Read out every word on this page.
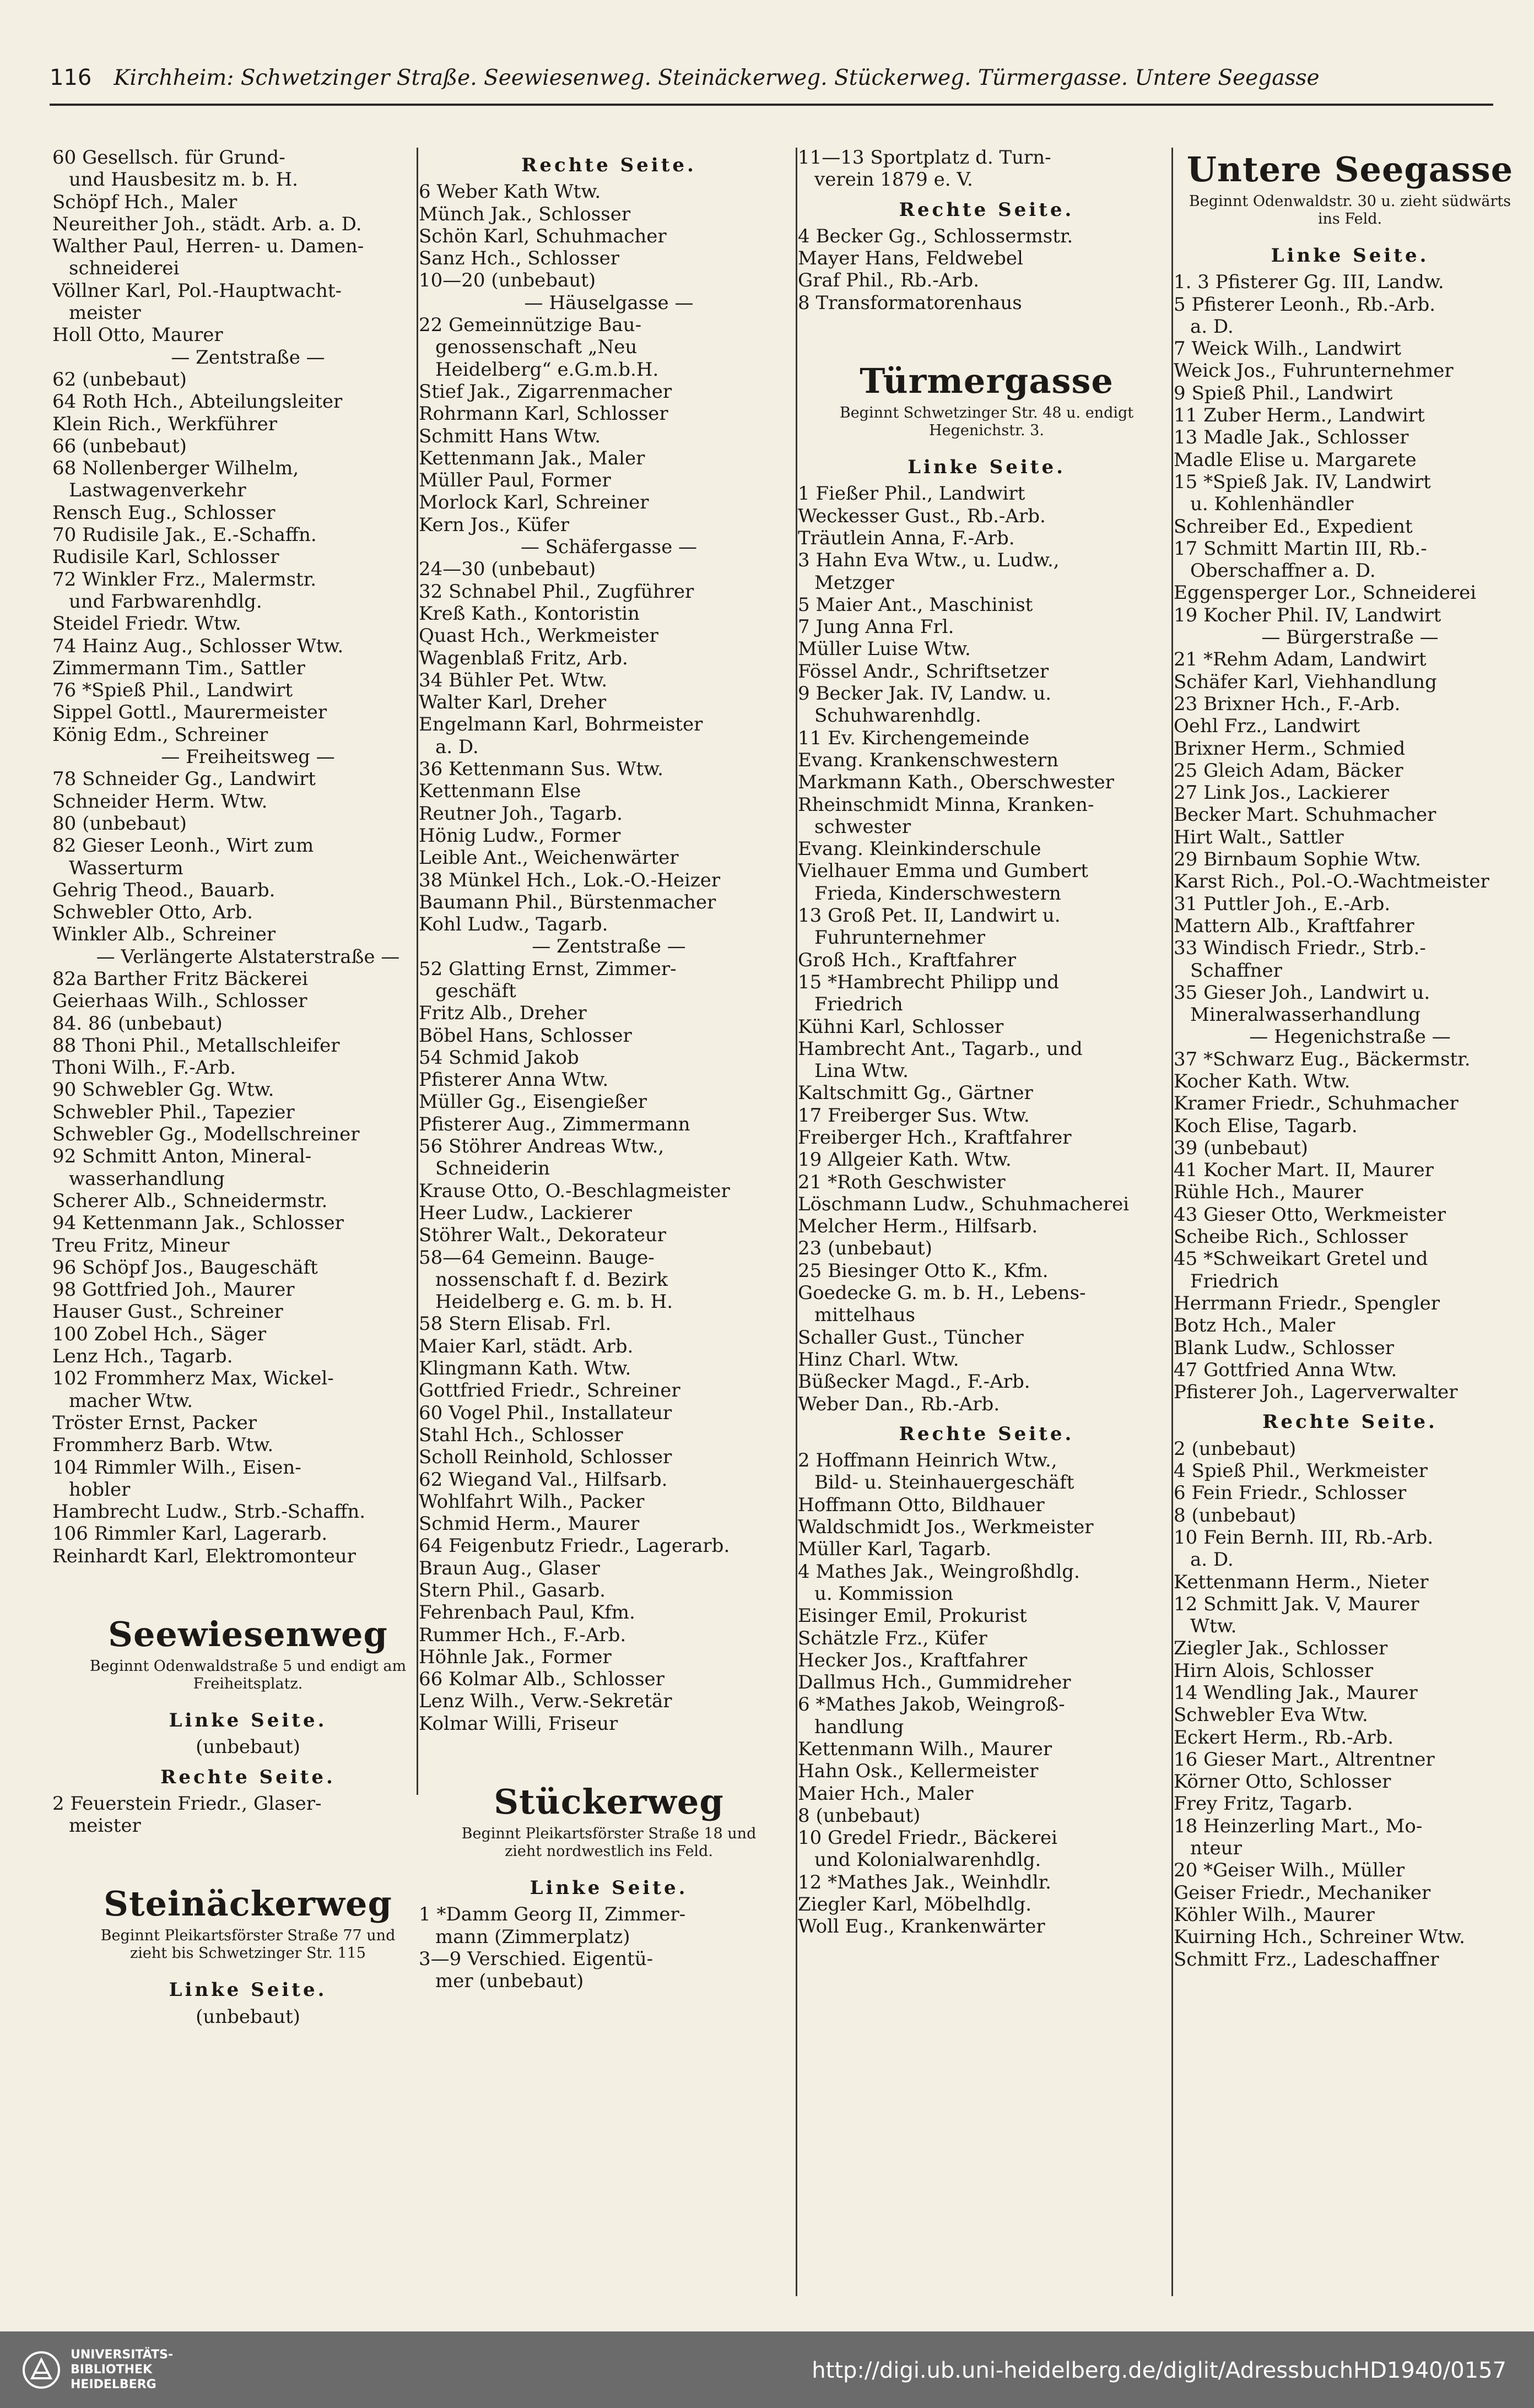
116 Kirchheim: Schwetzinger Straße. Seewiesenweg. Steinäckerweg. Stückerweg. Türmergasse. Untere Seegasse
60 Gesellsch. für Grund-
und Hausbesitz m. b. H.
Schöpf Hch., Maler
Neureither Joh., städt. Arb. a. D.
Walther Paul, Herren- u. Damen-
schneiderei
Völlner Karl, Pol.-Hauptwacht-
meister
Holl Otto, Maurer
— Zentstraße —
62 (unbebaut)
64 Roth Hch., Abteilungsleiter
Klein Rich., Werkführer
66 (unbebaut)
68 Nollenberger Wilhelm,
Lastwagenverkehr
Rensch Eug., Schlosser
70 Rudisile Jak., E.-Schaffn.
Rudisile Karl, Schlosser
72 Winkler Frz., Malermstr.
und Farbwarenhdlg.
Steidel Friedr. Wtw.
74 Hainz Aug., Schlosser Wtw.
Zimmermann Tim., Sattler
76 *Spieß Phil., Landwirt
Sippel Gottl., Maurermeister
König Edm., Schreiner
— Freiheitsweg —
78 Schneider Gg., Landwirt
Schneider Herm. Wtw.
80 (unbebaut)
82 Gieser Leonh., Wirt zum
Wasserturm
Gehrig Theod., Bauarb.
Schwebler Otto, Arb.
Winkler Alb., Schreiner
— Verlängerte Alstaterstraße —
82a Barther Fritz Bäckerei
Geierhaas Wilh., Schlosser
84. 86 (unbebaut)
88 Thoni Phil., Metallschleifer
Thoni Wilh., F.-Arb.
90 Schwebler Gg. Wtw.
Schwebler Phil., Tapezier
Schwebler Gg., Modellschreiner
92 Schmitt Anton, Mineral-
wasserhandlung
Scherer Alb., Schneidermstr.
94 Kettenmann Jak., Schlosser
Treu Fritz, Mineur
96 Schöpf Jos., Baugeschäft
98 Gottfried Joh., Maurer
Hauser Gust., Schreiner
100 Zobel Hch., Säger
Lenz Hch., Tagarb.
102 Frommherz Max, Wickel-
macher Wtw.
Tröster Ernst, Packer
Frommherz Barb. Wtw.
104 Rimmler Wilh., Eisen-
hobler
Hambrecht Ludw., Strb.-Schaffn.
106 Rimmler Karl, Lagerarb.
Reinhardt Karl, Elektromonteur
Seewiesenweg
Beginnt Odenwaldstraße 5 und endigt am
Freiheitsplatz.
Linke Seite.
(unbebaut)
Rechte Seite.
2 Feuerstein Friedr., Glaser-
meister
Steinäckerweg
Beginnt Pleikartsförster Straße 77 und
zieht bis Schwetzinger Str. 115
Linke Seite.
(unbebaut)
Rechte Seite.
6 Weber Kath Wtw.
Münch Jak., Schlosser
Schön Karl, Schuhmacher
Sanz Hch., Schlosser
10—20 (unbebaut)
— Häuselgasse —
22 Gemeinnützige Bau-
genossenschaft „Neu
Heidelberg“ e.G.m.b.H.
Stief Jak., Zigarrenmacher
Rohrmann Karl, Schlosser
Schmitt Hans Wtw.
Kettenmann Jak., Maler
Müller Paul, Former
Morlock Karl, Schreiner
Kern Jos., Küfer
— Schäfergasse —
24—30 (unbebaut)
32 Schnabel Phil., Zugführer
Kreß Kath., Kontoristin
Quast Hch., Werkmeister
Wagenblaß Fritz, Arb.
34 Bühler Pet. Wtw.
Walter Karl, Dreher
Engelmann Karl, Bohrmeister
a. D.
36 Kettenmann Sus. Wtw.
Kettenmann Else
Reutner Joh., Tagarb.
Hönig Ludw., Former
Leible Ant., Weichenwärter
38 Münkel Hch., Lok.-O.-Heizer
Baumann Phil., Bürstenmacher
Kohl Ludw., Tagarb.
— Zentstraße —
52 Glatting Ernst, Zimmer-
geschäft
Fritz Alb., Dreher
Böbel Hans, Schlosser
54 Schmid Jakob
Pfisterer Anna Wtw.
Müller Gg., Eisengießer
Pfisterer Aug., Zimmermann
56 Stöhrer Andreas Wtw.,
Schneiderin
Krause Otto, O.-Beschlagmeister
Heer Ludw., Lackierer
Stöhrer Walt., Dekorateur
58—64 Gemeinn. Bauge-
nossenschaft f. d. Bezirk
Heidelberg e. G. m. b. H.
58 Stern Elisab. Frl.
Maier Karl, städt. Arb.
Klingmann Kath. Wtw.
Gottfried Friedr., Schreiner
60 Vogel Phil., Installateur
Stahl Hch., Schlosser
Scholl Reinhold, Schlosser
62 Wiegand Val., Hilfsarb.
Wohlfahrt Wilh., Packer
Schmid Herm., Maurer
64 Feigenbutz Friedr., Lagerarb.
Braun Aug., Glaser
Stern Phil., Gasarb.
Fehrenbach Paul, Kfm.
Rummer Hch., F.-Arb.
Höhnle Jak., Former
66 Kolmar Alb., Schlosser
Lenz Wilh., Verw.-Sekretär
Kolmar Willi, Friseur
Stückerweg
Beginnt Pleikartsförster Straße 18 und
zieht nordwestlich ins Feld.
Linke Seite.
1 *Damm Georg II, Zimmer-
mann (Zimmerplatz)
3—9 Verschied. Eigentü-
mer (unbebaut)
11—13 Sportplatz d. Turn-
verein 1879 e. V.
Rechte Seite.
4 Becker Gg., Schlossermstr.
Mayer Hans, Feldwebel
Graf Phil., Rb.-Arb.
8 Transformatorenhaus
Türmergasse
Beginnt Schwetzinger Str. 48 u. endigt
Hegenichstr. 3.
Linke Seite.
1 Fießer Phil., Landwirt
Weckesser Gust., Rb.-Arb.
Träutlein Anna, F.-Arb.
3 Hahn Eva Wtw., u. Ludw.,
Metzger
5 Maier Ant., Maschinist
7 Jung Anna Frl.
Müller Luise Wtw.
Fössel Andr., Schriftsetzer
9 Becker Jak. IV, Landw. u.
Schuhwarenhdlg.
11 Ev. Kirchengemeinde
Evang. Krankenschwestern
Markmann Kath., Oberschwester
Rheinschmidt Minna, Kranken-
schwester
Evang. Kleinkinderschule
Vielhauer Emma und Gumbert
Frieda, Kinderschwestern
13 Groß Pet. II, Landwirt u.
Fuhrunternehmer
Groß Hch., Kraftfahrer
15 *Hambrecht Philipp und
Friedrich
Kühni Karl, Schlosser
Hambrecht Ant., Tagarb., und
Lina Wtw.
Kaltschmitt Gg., Gärtner
17 Freiberger Sus. Wtw.
Freiberger Hch., Kraftfahrer
19 Allgeier Kath. Wtw.
21 *Roth Geschwister
Löschmann Ludw., Schuhmacherei
Melcher Herm., Hilfsarb.
23 (unbebaut)
25 Biesinger Otto K., Kfm.
Goedecke G. m. b. H., Lebens-
mittelhaus
Schaller Gust., Tüncher
Hinz Charl. Wtw.
Büßecker Magd., F.-Arb.
Weber Dan., Rb.-Arb.
Rechte Seite.
2 Hoffmann Heinrich Wtw.,
Bild- u. Steinhauergeschäft
Hoffmann Otto, Bildhauer
Waldschmidt Jos., Werkmeister
Müller Karl, Tagarb.
4 Mathes Jak., Weingroßhdlg.
u. Kommission
Eisinger Emil, Prokurist
Schätzle Frz., Küfer
Hecker Jos., Kraftfahrer
Dallmus Hch., Gummidreher
6 *Mathes Jakob, Weingroß-
handlung
Kettenmann Wilh., Maurer
Hahn Osk., Kellermeister
Maier Hch., Maler
8 (unbebaut)
10 Gredel Friedr., Bäckerei
und Kolonialwarenhdlg.
12 *Mathes Jak., Weinhdlr.
Ziegler Karl, Möbelhdlg.
Woll Eug., Krankenwärter
Untere Seegasse
Beginnt Odenwaldstr. 30 u. zieht südwärts
ins Feld.
Linke Seite.
1. 3 Pfisterer Gg. III, Landw.
5 Pfisterer Leonh., Rb.-Arb.
a. D.
7 Weick Wilh., Landwirt
Weick Jos., Fuhrunternehmer
9 Spieß Phil., Landwirt
11 Zuber Herm., Landwirt
13 Madle Jak., Schlosser
Madle Elise u. Margarete
15 *Spieß Jak. IV, Landwirt
u. Kohlenhändler
Schreiber Ed., Expedient
17 Schmitt Martin III, Rb.-
Oberschaffner a. D.
Eggensperger Lor., Schneiderei
19 Kocher Phil. IV, Landwirt
— Bürgerstraße —
21 *Rehm Adam, Landwirt
Schäfer Karl, Viehhandlung
23 Brixner Hch., F.-Arb.
Oehl Frz., Landwirt
Brixner Herm., Schmied
25 Gleich Adam, Bäcker
27 Link Jos., Lackierer
Becker Mart. Schuhmacher
Hirt Walt., Sattler
29 Birnbaum Sophie Wtw.
Karst Rich., Pol.-O.-Wachtmeister
31 Puttler Joh., E.-Arb.
Mattern Alb., Kraftfahrer
33 Windisch Friedr., Strb.-
Schaffner
35 Gieser Joh., Landwirt u.
Mineralwasserhandlung
— Hegenichstraße —
37 *Schwarz Eug., Bäckermstr.
Kocher Kath. Wtw.
Kramer Friedr., Schuhmacher
Koch Elise, Tagarb.
39 (unbebaut)
41 Kocher Mart. II, Maurer
Rühle Hch., Maurer
43 Gieser Otto, Werkmeister
Scheibe Rich., Schlosser
45 *Schweikart Gretel und
Friedrich
Herrmann Friedr., Spengler
Botz Hch., Maler
Blank Ludw., Schlosser
47 Gottfried Anna Wtw.
Pfisterer Joh., Lagerverwalter
Rechte Seite.
2 (unbebaut)
4 Spieß Phil., Werkmeister
6 Fein Friedr., Schlosser
8 (unbebaut)
10 Fein Bernh. III, Rb.-Arb.
a. D.
Kettenmann Herm., Nieter
12 Schmitt Jak. V, Maurer
Wtw.
Ziegler Jak., Schlosser
Hirn Alois, Schlosser
14 Wendling Jak., Maurer
Schwebler Eva Wtw.
Eckert Herm., Rb.-Arb.
16 Gieser Mart., Altrentner
Körner Otto, Schlosser
Frey Fritz, Tagarb.
18 Heinzerling Mart., Mo-
nteur
20 *Geiser Wilh., Müller
Geiser Friedr., Mechaniker
Köhler Wilh., Maurer
Kuirning Hch., Schreiner Wtw.
Schmitt Frz., Ladeschaffner
UNIVERSITÄTS-
BIBLIOTHEK
HEIDELBERG
http://digi.ub.uni-heidelberg.de/diglit/AdressbuchHD1940/0157
